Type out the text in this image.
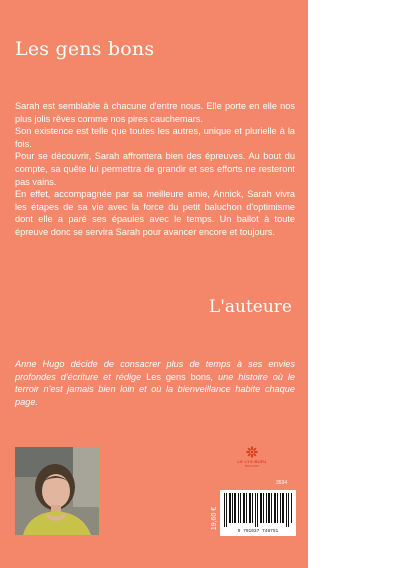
Les gens bons

Sarah est semblable à chacune d'entre nous. Elle porte en elle nos plus jolis rêves comme nos pires cauchemars.

Son existence est telle que toutes les autres, unique et plurielle à la fois.

Pour se découvrir, Sarah affrontera bien des épreuves. Au bout du compte, sa quête lui permettra de grandir et ses efforts ne resteront pas vains.

En effet, accompagnée par sa meilleure amie, Annick, Sarah vivra les étapes de sa vie avec la force du petit baluchon d'optimisme dont elle a paré ses épaules avec le temps. Un ballot à toute épreuve donc se servira Sarah pour avancer encore et toujours.

L'auteure

Anne Hugo décide de consacrer plus de temps à ses envies profondes d'écriture et rédige Les gens bons, une histoire où le terroir n'est jamais bien loin et où la bienveillance habite chaque page.

LE LYS BLEU
ÉDITIONS
3534
19,60 €
9 791037 748751
